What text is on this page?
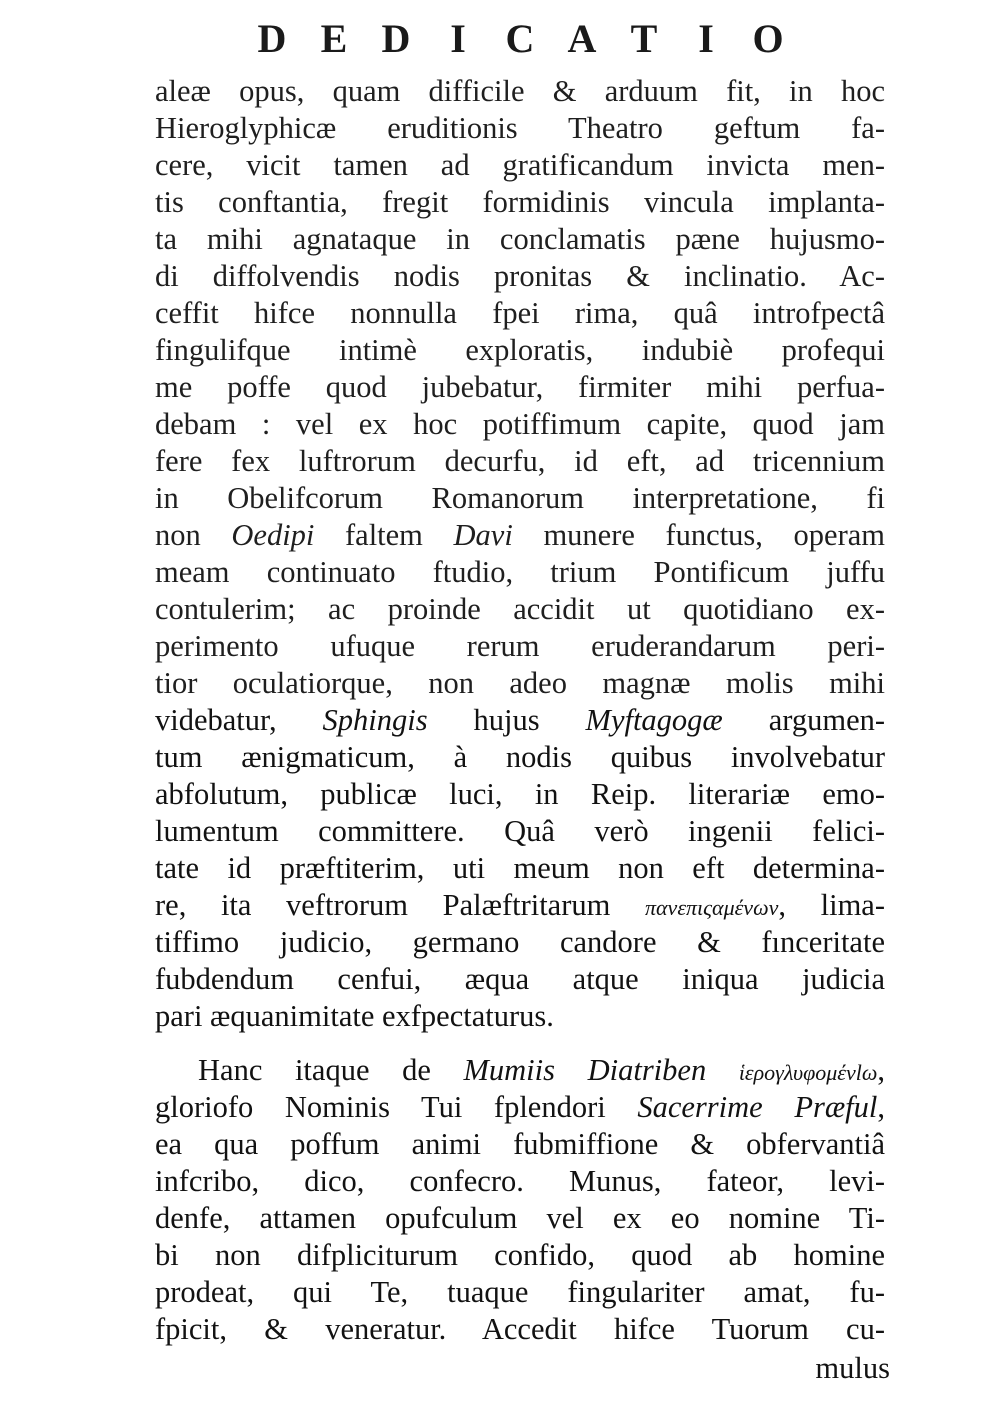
D E D I C A T	I O
aleæ opus, quam difficile & arduum fit, in hoc
Hieroglyphicæ eruditionis Theatro geftum fa-
cere, vicit tamen ad gratificandum invicta men-
tis conftantia, fregit formidinis vincula implanta-
ta mihi agnataque in conclamatis pæne hujusmo-
di diffolvendis nodis pronitas & inclinatio. Ac-
ceffit hifce nonnulla fpei rima, quâ introfpectâ
fingulifque intimè exploratis, indubiè profequi
me poffe quod jubebatur, firmiter mihi perfua-
debam : vel ex hoc potiffimum capite, quod jam
fere fex luftrorum decurfu, id eft, ad tricennium
in Obelifcorum Romanorum interpretatione, fi
non Oedipi faltem Davi munere functus, operam
meam continuato ftudio, trium Pontificum juffu
contulerim; ac proinde accidit ut quotidiano ex-
perimento ufuque rerum eruderandarum peri-
tior oculatiorque, non adeo magnæ molis mihi
videbatur, Sphingis hujus Myftagogæ argumen-
tum ænigmaticum, à nodis quibus involvebatur
abfolutum, publicæ luci, in Reip. literariæ emo-
lumentum committere. Quâ verò ingenii felici-
tate id præftiterim, uti meum non eft determina-
re, ita veftrorum Palæftritarum πανεπιςαμένων, lima-
tiffimo judicio, germano candore & fınceritate
fubdendum cenfui, æqua atque iniqua judicia
pari æquanimitate exfpectaturus.
Hanc itaque de Mumiis Diatriben ἱερογλυφομένlω,
gloriofo Nominis Tui fplendori Sacerrime Præful,
ea qua poffum animi fubmiffione & obfervantiâ
infcribo, dico, confecro. Munus, fateor, levi-
denfe, attamen opufculum vel ex eo nomine Ti-
bi non difpliciturum confido, quod ab homine
prodeat, qui Te, tuaque fingulariter amat, fu-
fpicit, & veneratur. Accedit hifce Tuorum cu-
mulus
